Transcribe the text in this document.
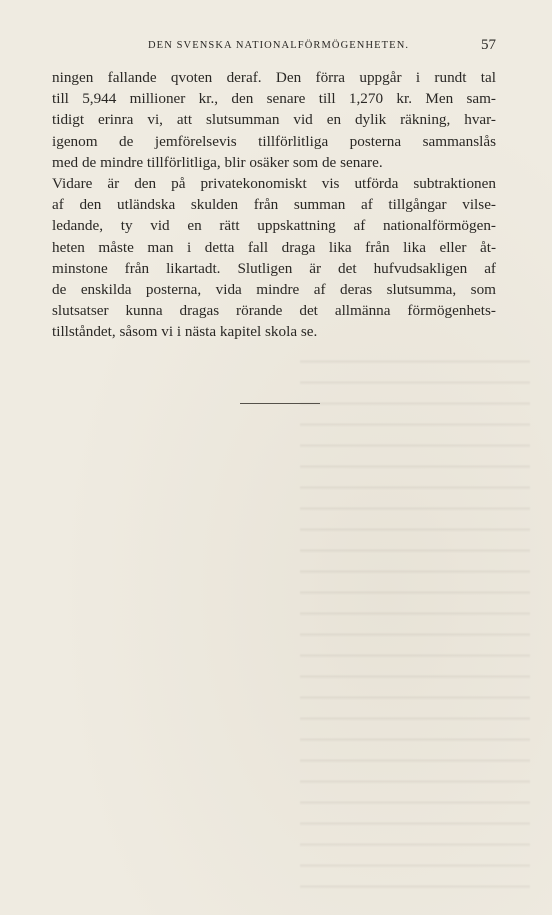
DEN SVENSKA NATIONALFÖRMÖGENHETEN.	57
ningen fallande qvoten deraf. Den förra uppgår i rundt tal
till 5,944 millioner kr., den senare till 1,270 kr. Men sam-
tidigt erinra vi, att slutsumman vid en dylik räkning, hvar-
igenom de jemförelsevis tillförlitliga posterna sammanslås
med de mindre tillförlitliga, blir osäker som de senare.
Vidare är den på privatekonomiskt vis utförda subtraktionen
af den utländska skulden från summan af tillgångar vilse-
ledande, ty vid en rätt uppskattning af nationalförmögen-
heten måste man i detta fall draga lika från lika eller åt-
minstone från likartadt. Slutligen är det hufvudsakligen af
de enskilda posterna, vida mindre af deras slutsumma, som
slutsatser kunna dragas rörande det allmänna förmögenhets-
tillståndet, såsom vi i nästa kapitel skola se.
